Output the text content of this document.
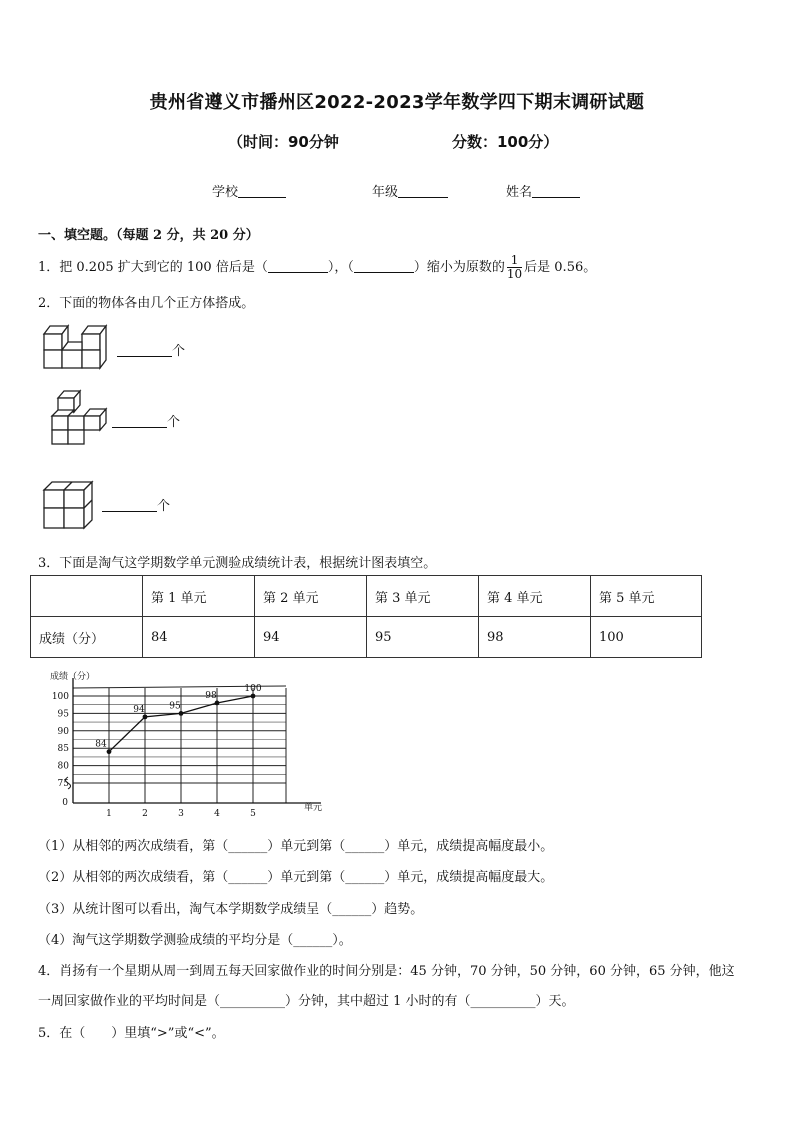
贵州省遵义市播州区2022-2023学年数学四下期末调研试题
（时间：90分钟	分数：100分）
学校	年级	姓名
一、填空题。（每题 2 分，共 20 分）
1．把 0.205 扩大到它的 100 倍后是（	），（	）缩小为原数的 $\frac{1}{10}$ 后是 0.56。
2．下面的物体各由几个正方体搭成。
个
个
个
3．下面是淘气这学期数学单元测验成绩统计表，根据统计图表填空。
	第 1 单元	第 2 单元	第 3 单元	第 4 单元	第 5 单元
成绩（分）	84	94	95	98	100
75
80
85
90
95
100
1	2	3	4	5
0
成绩（分）
单元
84
94	95
98
100
（1）从相邻的两次成绩看，第（______）单元到第（______）单元，成绩提高幅度最小。
（2）从相邻的两次成绩看，第（______）单元到第（______）单元，成绩提高幅度最大。
（3）从统计图可以看出，淘气本学期数学成绩呈（______）趋势。
（4）淘气这学期数学测验成绩的平均分是（______）。
4．肖扬有一个星期从周一到周五每天回家做作业的时间分别是：45 分钟，70 分钟，50 分钟，60 分钟，65 分钟，他这
一周回家做作业的平均时间是（__________）分钟，其中超过 1 小时的有（__________）天。
5．在（　　）里填“>”或“<”。
